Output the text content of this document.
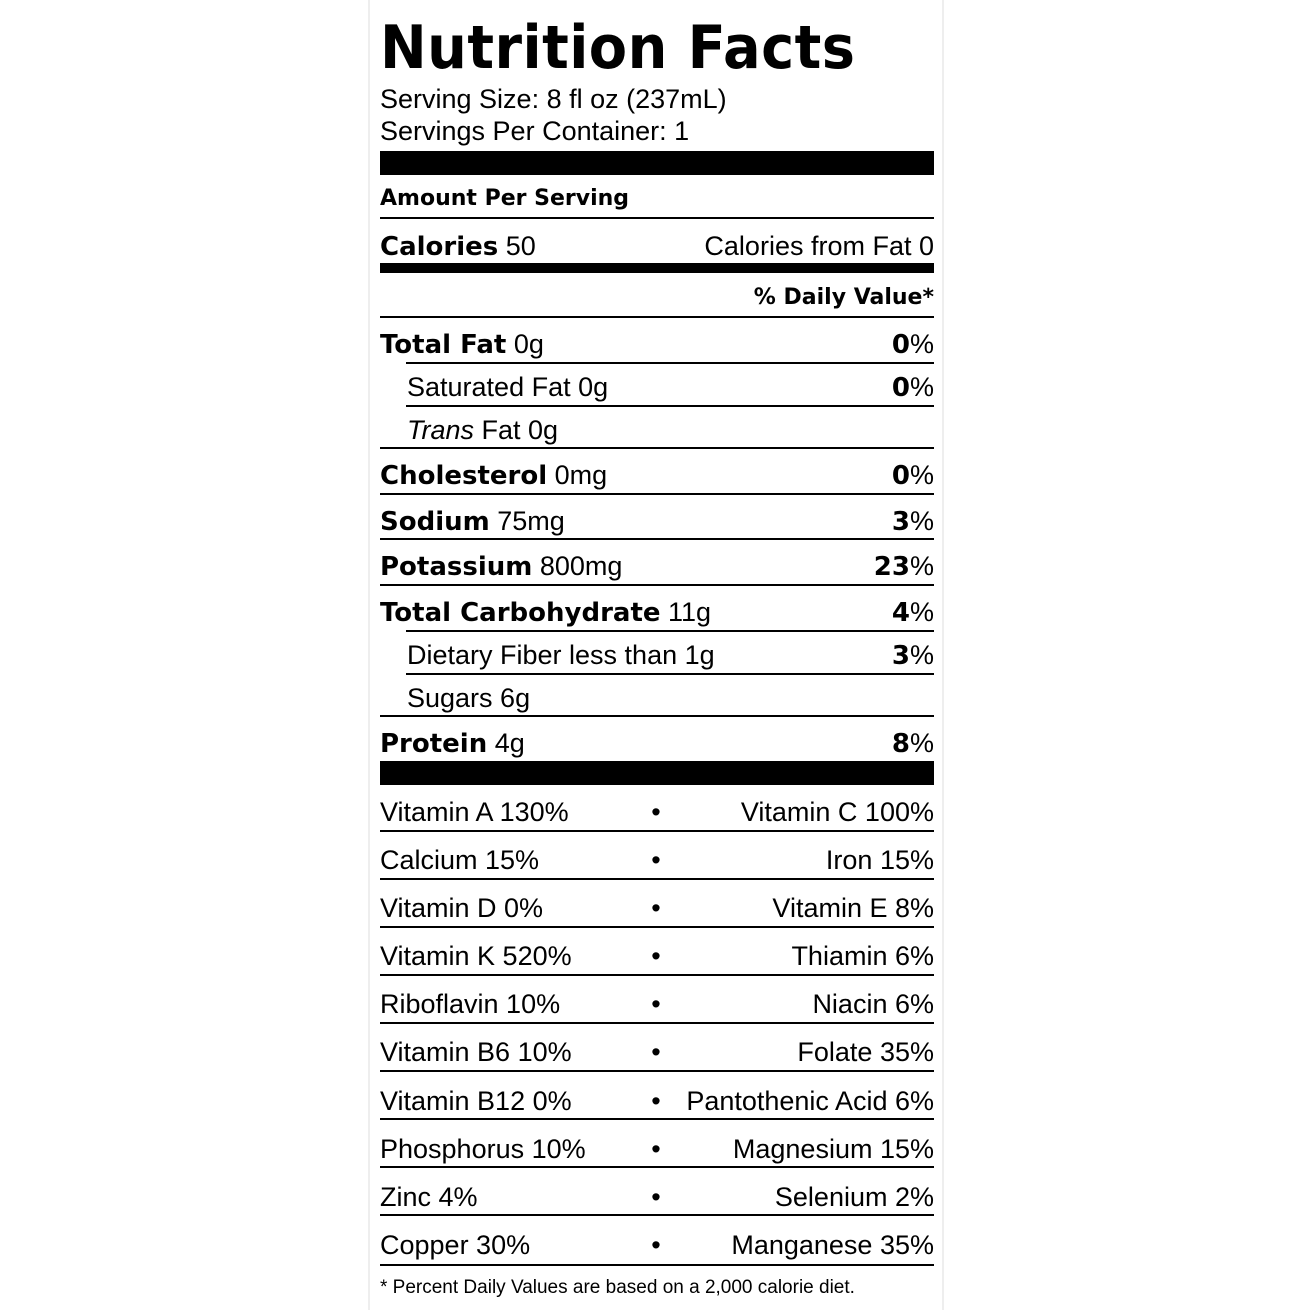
Nutrition Facts
Serving Size: 8 fl oz (237mL)
Servings Per Container: 1
Amount Per Serving
Calories 50	Calories from Fat 0
% Daily Value*
Total Fat 0g	0%
Saturated Fat 0g	0%
Trans Fat 0g
Cholesterol 0mg	0%
Sodium 75mg	3%
Potassium 800mg	23%
Total Carbohydrate 11g	4%
Dietary Fiber less than 1g	3%
Sugars 6g
Protein 4g	8%
Vitamin A 130%	•	Vitamin C 100%
Calcium 15%	•	Iron 15%
Vitamin D 0%	•	Vitamin E 8%
Vitamin K 520%	•	Thiamin 6%
Riboflavin 10%	•	Niacin 6%
Vitamin B6 10%	•	Folate 35%
Vitamin B12 0%	• Pantothenic Acid 6%
Phosphorus 10% •	Magnesium 15%
Zinc 4%	•	Selenium 2%
Copper 30%	•	Manganese 35%
* Percent Daily Values are based on a 2,000 calorie diet.
